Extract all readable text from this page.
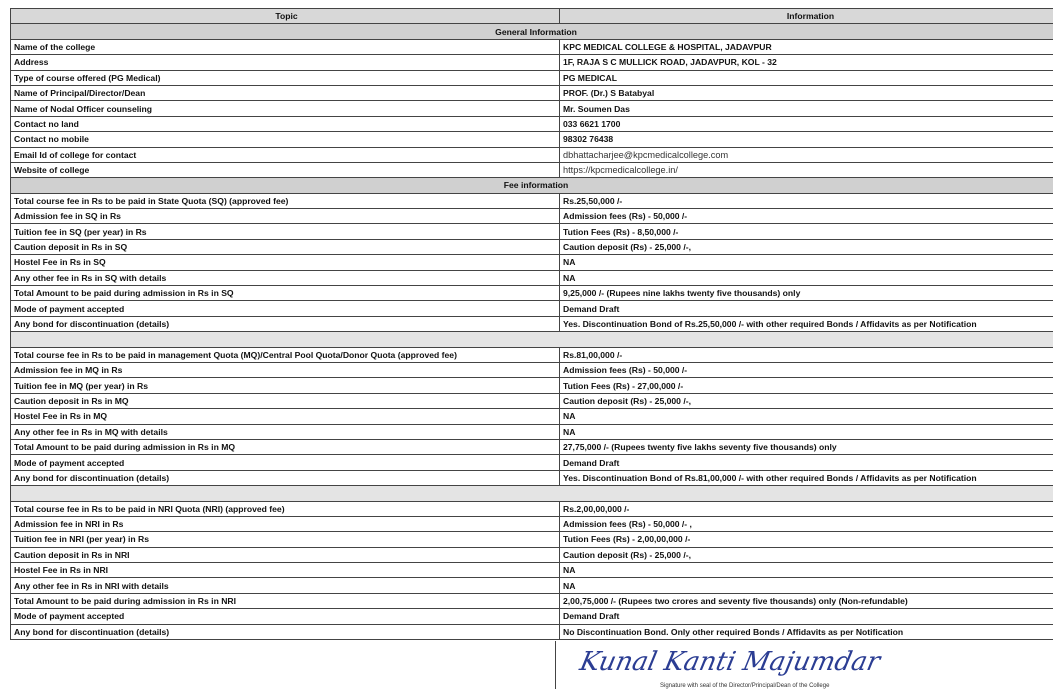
Topic	Information
General Information	
Name of the college	KPC MEDICAL COLLEGE & HOSPITAL, JADAVPUR
Address	1F, RAJA S C MULLICK ROAD, JADAVPUR, KOL - 32
Type of course offered (PG Medical)	PG MEDICAL
Name of Principal/Director/Dean	PROF. (Dr.) S Batabyal
Name of Nodal Officer counseling	Mr. Soumen Das
Contact no land	033 6621 1700
Contact no mobile	98302 76438
Email Id of college for contact	dbhattacharjee@kpcmedicalcollege.com
Website of college	https://kpcmedicalcollege.in/
Fee information	
Total course fee in Rs to be paid in State Quota (SQ) (approved fee)	Rs.25,50,000 /-
Admission fee in SQ in Rs	Admission fees (Rs) - 50,000 /-
Tuition fee in SQ (per year) in Rs	Tution Fees (Rs) - 8,50,000 /-
Caution deposit in Rs in SQ	Caution deposit (Rs) - 25,000 /-,
Hostel Fee in Rs in SQ	NA
Any other fee in Rs in SQ with details	NA
Total Amount to be paid during admission in Rs in SQ	9,25,000 /- (Rupees nine lakhs twenty five thousands) only
Mode of payment accepted	Demand Draft
Any bond for discontinuation (details)	Yes. Discontinuation Bond of Rs.25,50,000 /- with other required Bonds / Affidavits as per Notification

Total course fee in Rs to be paid in management Quota (MQ)/Central Pool Quota/Donor Quota (approved fee)	Rs.81,00,000 /-
Admission fee in MQ in Rs	Admission fees (Rs) - 50,000 /-
Tuition fee in MQ (per year) in Rs	Tution Fees (Rs) - 27,00,000 /-
Caution deposit in Rs in MQ	Caution deposit (Rs) - 25,000 /-,
Hostel Fee in Rs in MQ	NA
Any other fee in Rs in MQ with details	NA
Total Amount to be paid during admission in Rs in MQ	27,75,000 /- (Rupees twenty five lakhs seventy five thousands) only
Mode of payment accepted	Demand Draft
Any bond for discontinuation (details)	Yes. Discontinuation Bond of Rs.81,00,000 /- with other required Bonds / Affidavits as per Notification

Total course fee in Rs to be paid in NRI Quota (NRI) (approved fee)	Rs.2,00,00,000 /-
Admission fee in NRI in Rs	Admission fees (Rs) - 50,000 /- ,
Tuition fee in NRI (per year) in Rs	Tution Fees (Rs) - 2,00,00,000 /-
Caution deposit in Rs in NRI	Caution deposit (Rs) - 25,000 /-,
Hostel Fee in Rs in NRI	NA
Any other fee in Rs in NRI with details	NA
Total Amount to be paid during admission in Rs in NRI	2,00,75,000 /- (Rupees two crores and seventy five thousands) only (Non-refundable)
Mode of payment accepted	Demand Draft
Any bond for discontinuation (details)	No Discontinuation Bond. Only other required Bonds / Affidavits as per Notification
Kunal Kanti Majumdar
Signature with seal of the Director/Principal/Dean of the College
